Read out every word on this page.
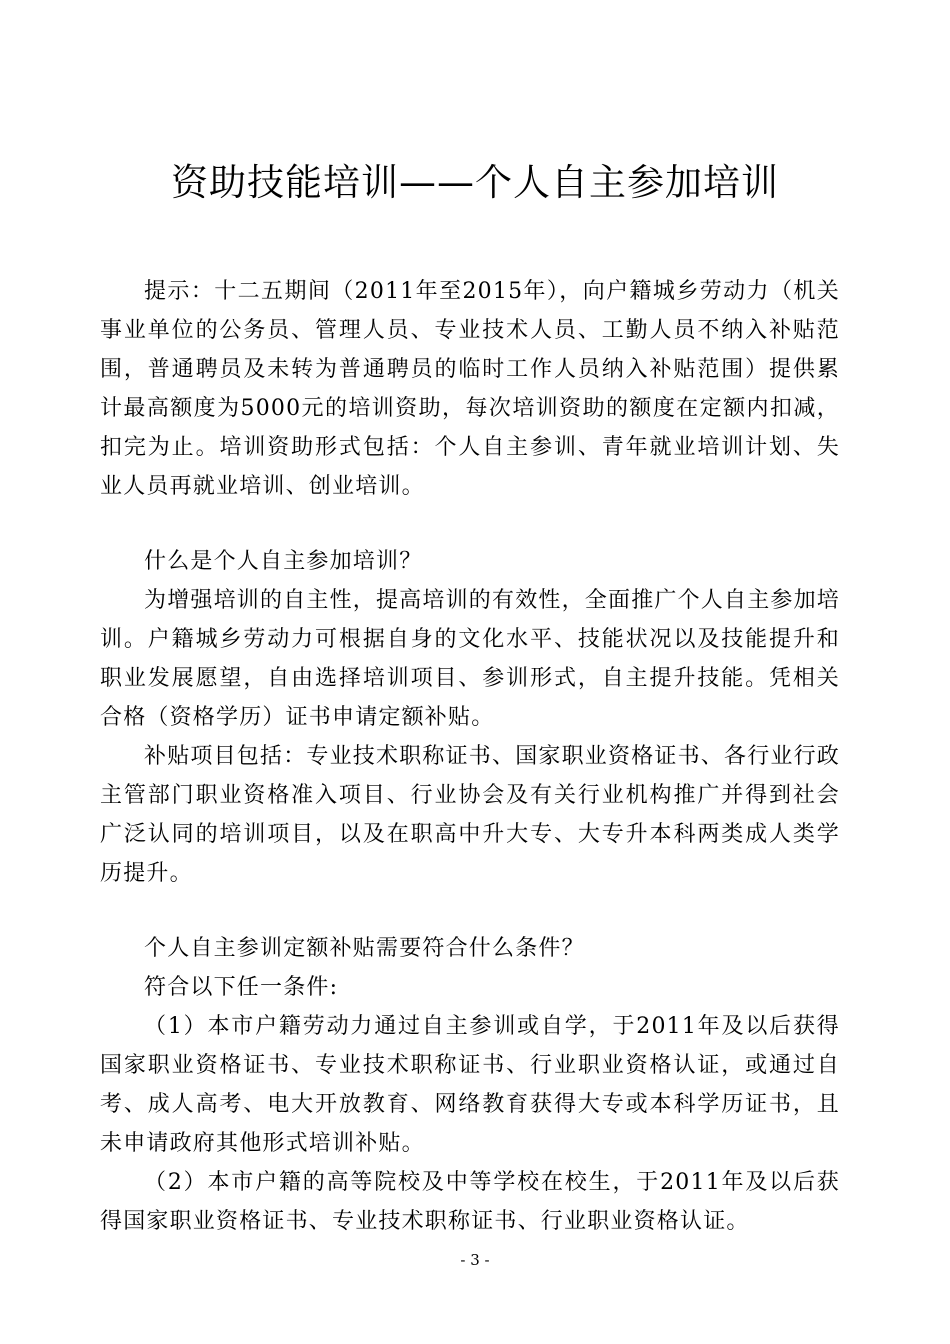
资助技能培训——个人自主参加培训

提示：十二五期间（2011年至2015年），向户籍城乡劳动力（机关事业单位的公务员、管理人员、专业技术人员、工勤人员不纳入补贴范围，普通聘员及未转为普通聘员的临时工作人员纳入补贴范围）提供累计最高额度为5000元的培训资助，每次培训资助的额度在定额内扣减，扣完为止。培训资助形式包括：个人自主参训、青年就业培训计划、失业人员再就业培训、创业培训。

什么是个人自主参加培训？

为增强培训的自主性，提高培训的有效性，全面推广个人自主参加培训。户籍城乡劳动力可根据自身的文化水平、技能状况以及技能提升和职业发展愿望，自由选择培训项目、参训形式，自主提升技能。凭相关合格（资格学历）证书申请定额补贴。

补贴项目包括：专业技术职称证书、国家职业资格证书、各行业行政主管部门职业资格准入项目、行业协会及有关行业机构推广并得到社会广泛认同的培训项目，以及在职高中升大专、大专升本科两类成人类学历提升。

个人自主参训定额补贴需要符合什么条件？

符合以下任一条件:

（1）本市户籍劳动力通过自主参训或自学，于2011年及以后获得国家职业资格证书、专业技术职称证书、行业职业资格认证，或通过自考、成人高考、电大开放教育、网络教育获得大专或本科学历证书，且未申请政府其他形式培训补贴。

（2）本市户籍的高等院校及中等学校在校生，于2011年及以后获得国家职业资格证书、专业技术职称证书、行业职业资格认证。

- 3 -
